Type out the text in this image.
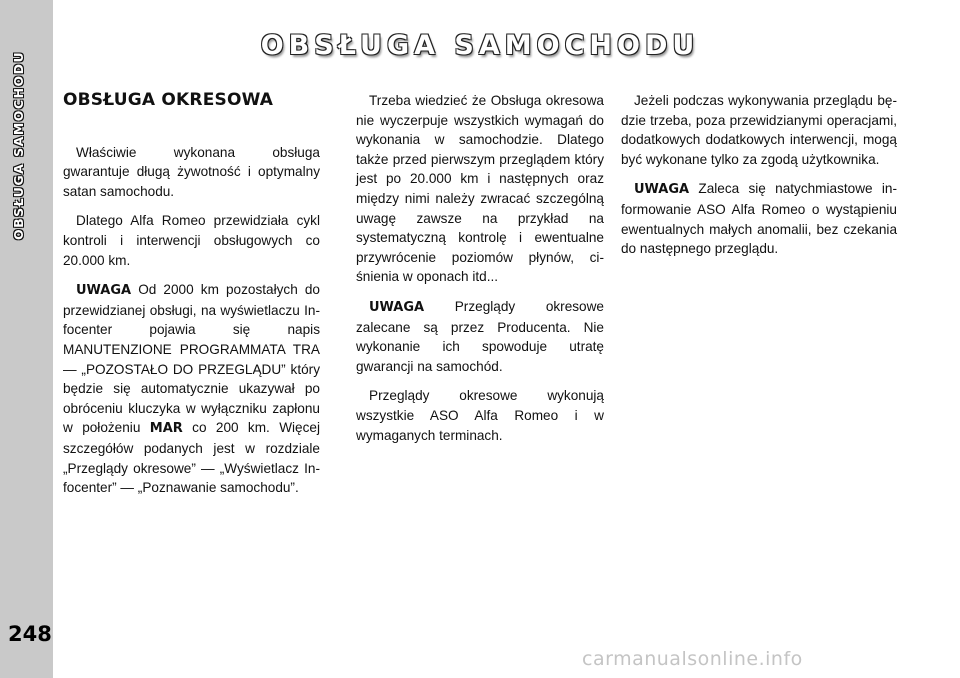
OBSŁUGA SAMOCHODU
248
OBSŁUGA SAMOCHODU
OBSŁUGA OKRESOWA

Właściwie wykonana obsługa gwarantuje długą żywotność i optymalny satan samochodu.

Dlatego Alfa Romeo przewidziała cykl kontroli i interwencji obsługowych co 20.000 km.

UWAGA Od 2000 km pozostałych do przewidzianej obsługi, na wyświetlaczu Infocenter pojawia się napis MANUTENZIONE PROGRAMMATA TRA — „POZOSTAŁO DO PRZEGLĄDU” który będzie się automatycznie ukazywał po obróceniu kluczyka w wyłączniku zapłonu w położeniu MAR co 200 km. Więcej szczegółów podanych jest w rozdziale „Przeglądy okresowe” — „Wyświetlacz Infocenter” — „Poznawanie samochodu”.

Trzeba wiedzieć że Obsługa okresowa nie wyczerpuje wszystkich wymagań do wykonania w samochodzie. Dlatego także przed pierwszym przeglądem który jest po 20.000 km i następnych oraz między nimi należy zwracać szczególną uwagę zawsze na przykład na systematyczną kontrolę i ewentualne przywrócenie poziomów płynów, ciśnienia w oponach itd...

UWAGA Przeglądy okresowe zalecane są przez Producenta. Nie wykonanie ich spowoduje utratę gwarancji na samochód.

Przeglądy okresowe wykonują wszystkie ASO Alfa Romeo i w wymaganych terminach.

Jeżeli podczas wykonywania przeglądu będzie trzeba, poza przewidzianymi operacjami, dodatkowych dodatkowych interwencji, mogą być wykonane tylko za zgodą użytkownika.

UWAGA Zaleca się natychmiastowe informowanie ASO Alfa Romeo o wystąpieniu ewentualnych małych anomalii, bez czekania do następnego przeglądu.

carmanualsonline.info
